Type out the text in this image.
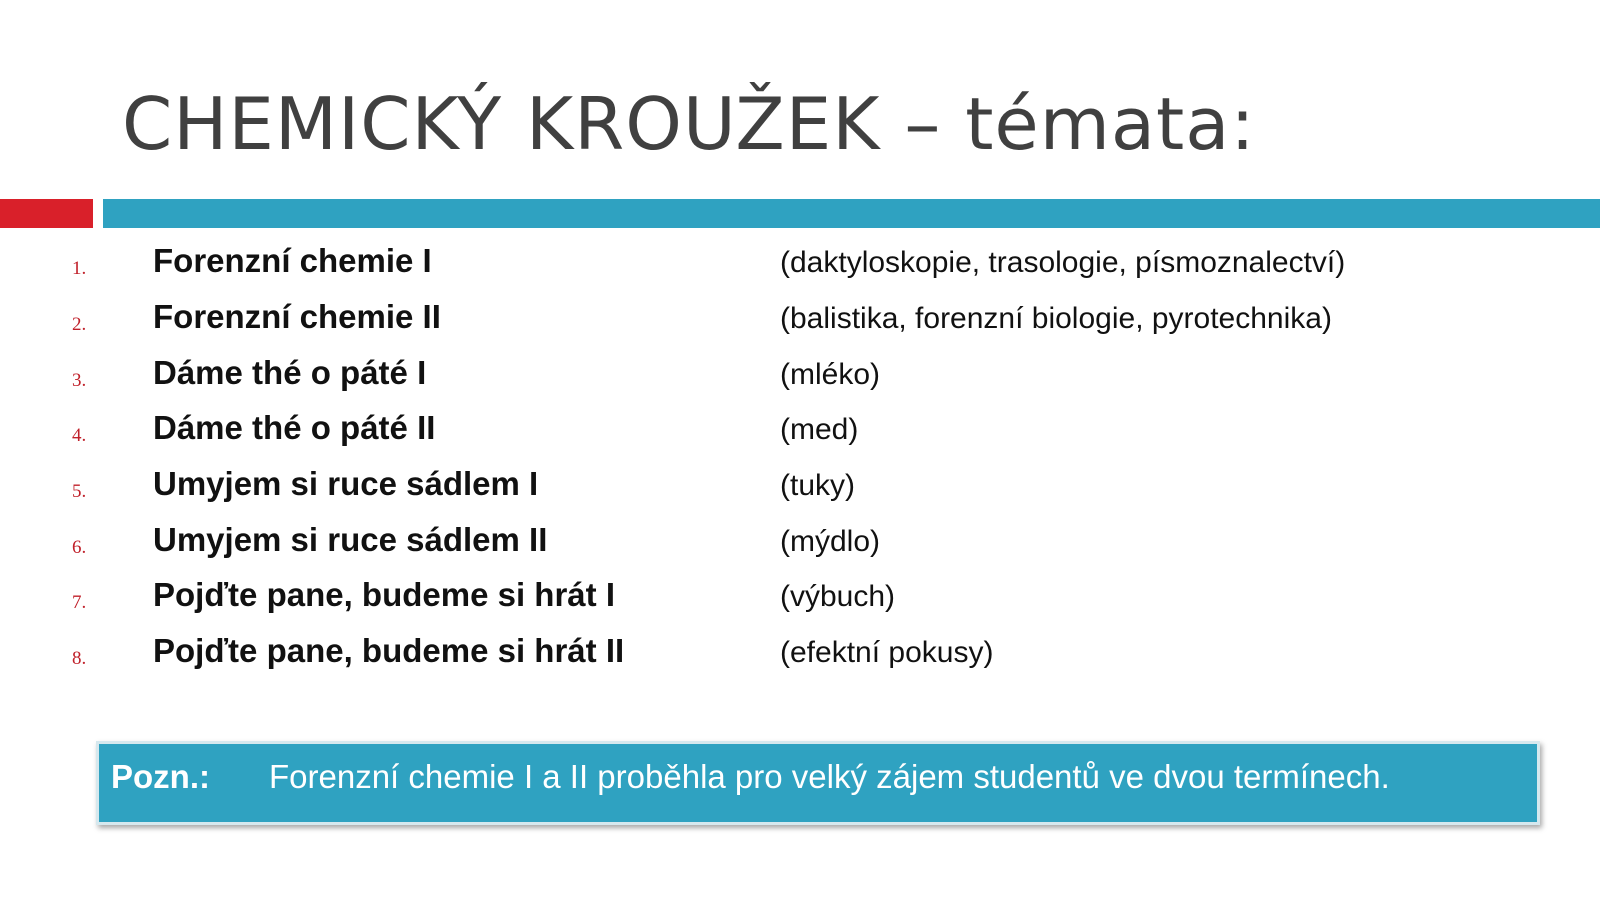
CHEMICKÝ KROUŽEK – témata:
1. Forenzní chemie I	(daktyloskopie, trasologie, písmoznalectví)
2. Forenzní chemie II	(balistika, forenzní biologie, pyrotechnika)
3. Dáme thé o páté I	(mléko)
4. Dáme thé o páté II	(med)
5. Umyjem si ruce sádlem I	(tuky)
6. Umyjem si ruce sádlem II	(mýdlo)
7. Pojďte pane, budeme si hrát I	(výbuch)
8. Pojďte pane, budeme si hrát II	(efektní pokusy)
Pozn.: Forenzní chemie I a II proběhla pro velký zájem studentů ve dvou termínech.
